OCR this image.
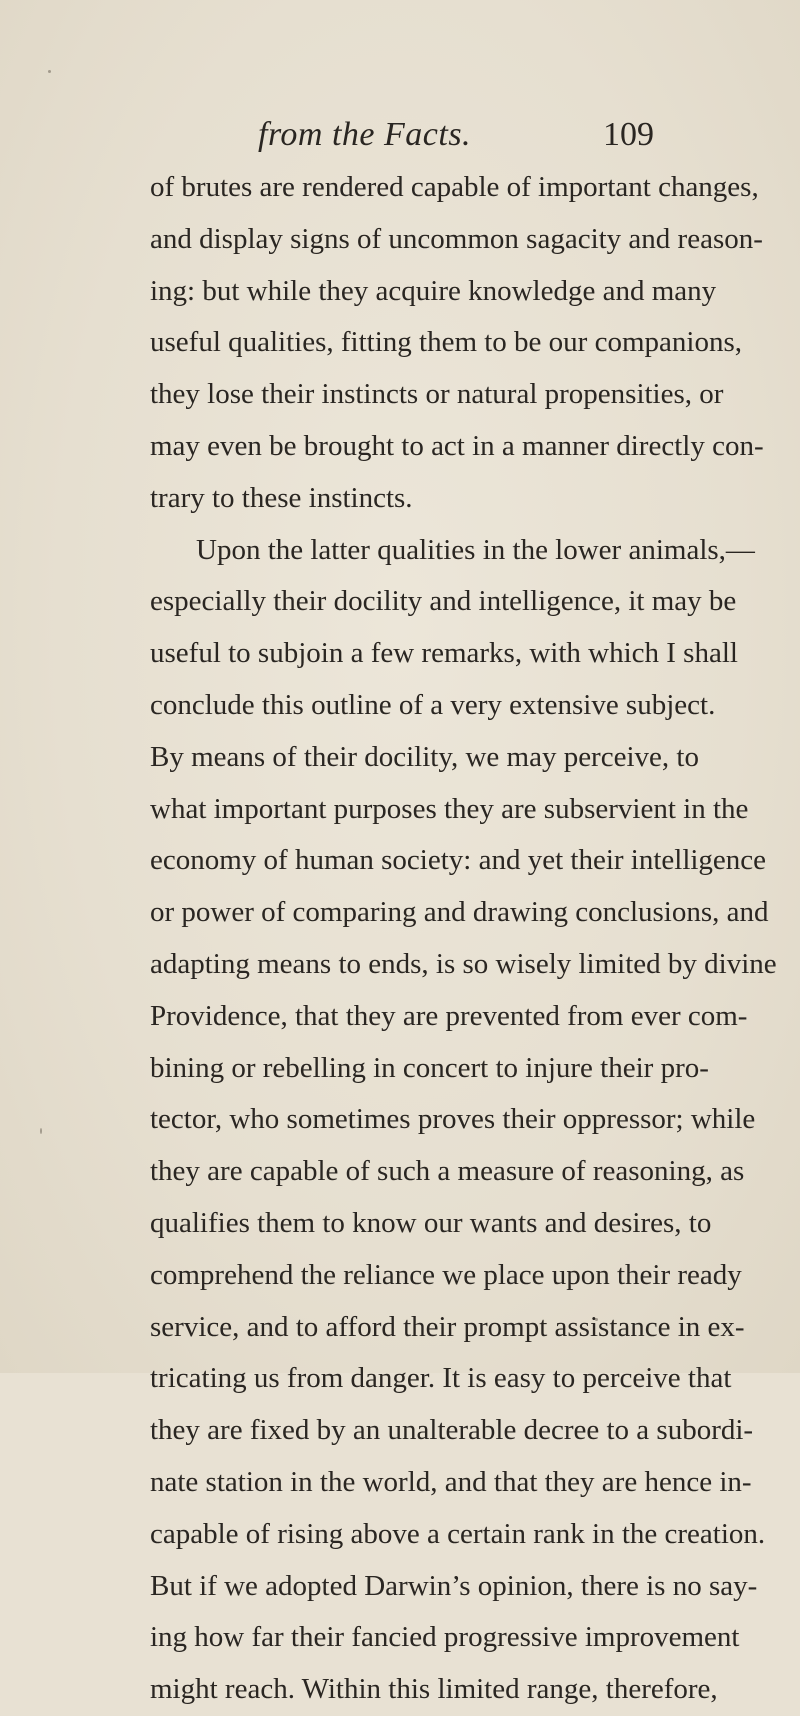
from the Facts.	109
of brutes are rendered capable of important changes,
and display signs of uncommon sagacity and reason-
ing: but while they acquire knowledge and many
useful qualities, fitting them to be our companions,
they lose their instincts or natural propensities, or
may even be brought to act in a manner directly con-
trary to these instincts.
Upon the latter qualities in the lower animals,—
especially their docility and intelligence, it may be
useful to subjoin a few remarks, with which I shall
conclude this outline of a very extensive subject.
By means of their docility, we may perceive, to
what important purposes they are subservient in the
economy of human society: and yet their intelligence
or power of comparing and drawing conclusions, and
adapting means to ends, is so wisely limited by divine
Providence, that they are prevented from ever com-
bining or rebelling in concert to injure their pro-
tector, who sometimes proves their oppressor; while
they are capable of such a measure of reasoning, as
qualifies them to know our wants and desires, to
comprehend the reliance we place upon their ready
service, and to afford their prompt assistance in ex-
tricating us from danger. It is easy to perceive that
they are fixed by an unalterable decree to a subordi-
nate station in the world, and that they are hence in-
capable of rising above a certain rank in the creation.
But if we adopted Darwin’s opinion, there is no say-
ing how far their fancied progressive improvement
might reach. Within this limited range, therefore,
